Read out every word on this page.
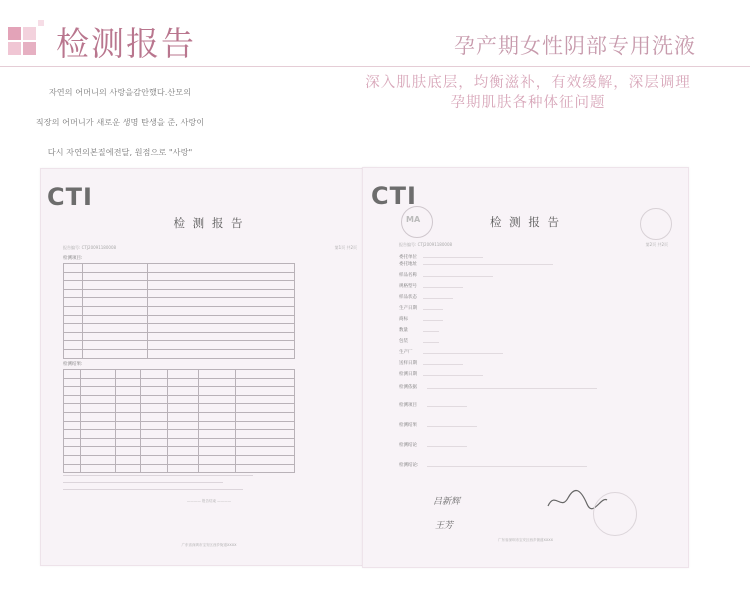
检测报告

자연의 어머니의 사랑을감안했다.산모의

직장의 어머니가 새로운 생명 탄생을 준, 사랑이

다시 자연의본질에전달, 원점으로 "사랑"

孕产期女性阴部专用洗液
深入肌肤底层，均衡滋补，有效缓解，深层调理孕期肌肤各种体征问题
CTI
检 测 报 告
报告编号: CTJ20091180008	第1页 共2页
检测项目:

检测结果:

———— 报告结束 ————
广东省深圳市宝安区西乡街道XXXX
CTI
MA	检 测 报 告
报告编号: CTJ20091180008	第2页 共2页
委托单位
委托地址
样品名称
规格型号
样品状态
生产日期
商标
数量
包装
生产厂
送样日期
检测日期
检测依据
检测项目
检测结果
检测结论
检测结论:
吕新辉
王芳
广东省深圳市宝安区西乡街道XXXX
